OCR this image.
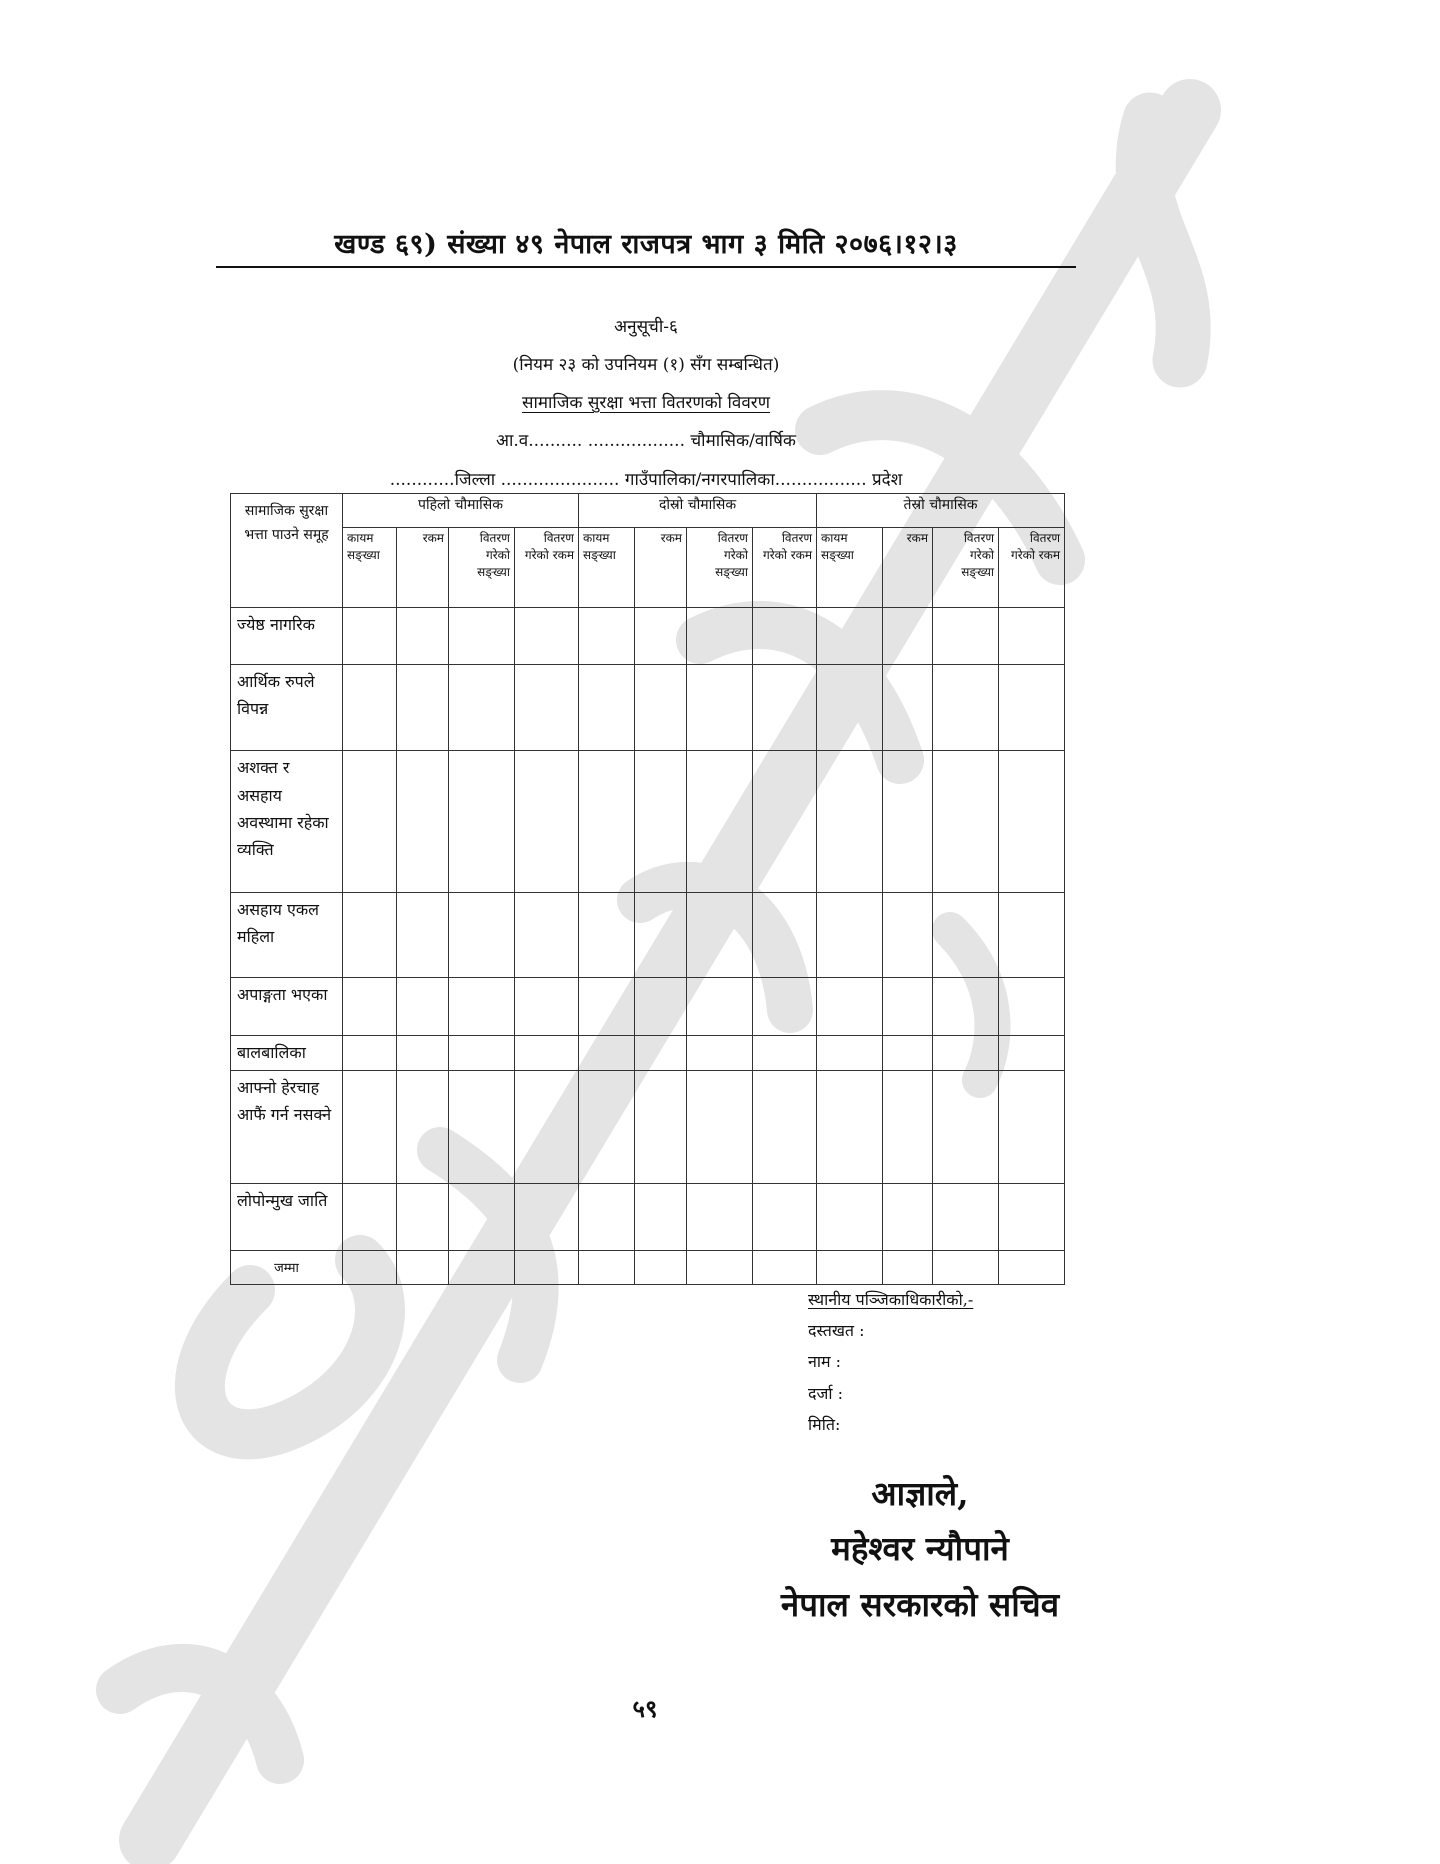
खण्ड ६९) संख्या ४९ नेपाल राजपत्र भाग ३ मिति २०७६।१२।३
अनुसूची-६
(नियम २३ को उपनियम (१) सँग सम्बन्धित)
सामाजिक सुरक्षा भत्ता वितरणको विवरण
आ.व.......... .................. चौमासिक/वार्षिक
............जिल्ला ...................... गाउँपालिका/नगरपालिका................. प्रदेश
सामाजिक सुरक्षा भत्ता पाउने समूह	पहिलो चौमासिक				दोस्रो चौमासिक				तेस्रो चौमासिक			
	कायम सङ्ख्या	रकम	वितरण गरेको सङ्ख्या	वितरण गरेको रकम	कायम सङ्ख्या	रकम	वितरण गरेको सङ्ख्या	वितरण गरेको रकम	कायम सङ्ख्या	रकम	वितरण गरेको सङ्ख्या	वितरण गरेको रकम
ज्येष्ठ नागरिक												
आर्थिक रुपले विपन्न												
अशक्त र असहाय अवस्थामा रहेका व्यक्ति												
असहाय एकल महिला												
अपाङ्गता भएका												
बालबालिका												
आफ्नो हेरचाह आफैं गर्न नसक्ने												
लोपोन्मुख जाति												
जम्मा												
स्थानीय पञ्जिकाधिकारीको,-
दस्तखत :
नाम :
दर्जा :
मिति:
आज्ञाले,
महेश्वर न्यौपाने
नेपाल सरकारको सचिव
५९
